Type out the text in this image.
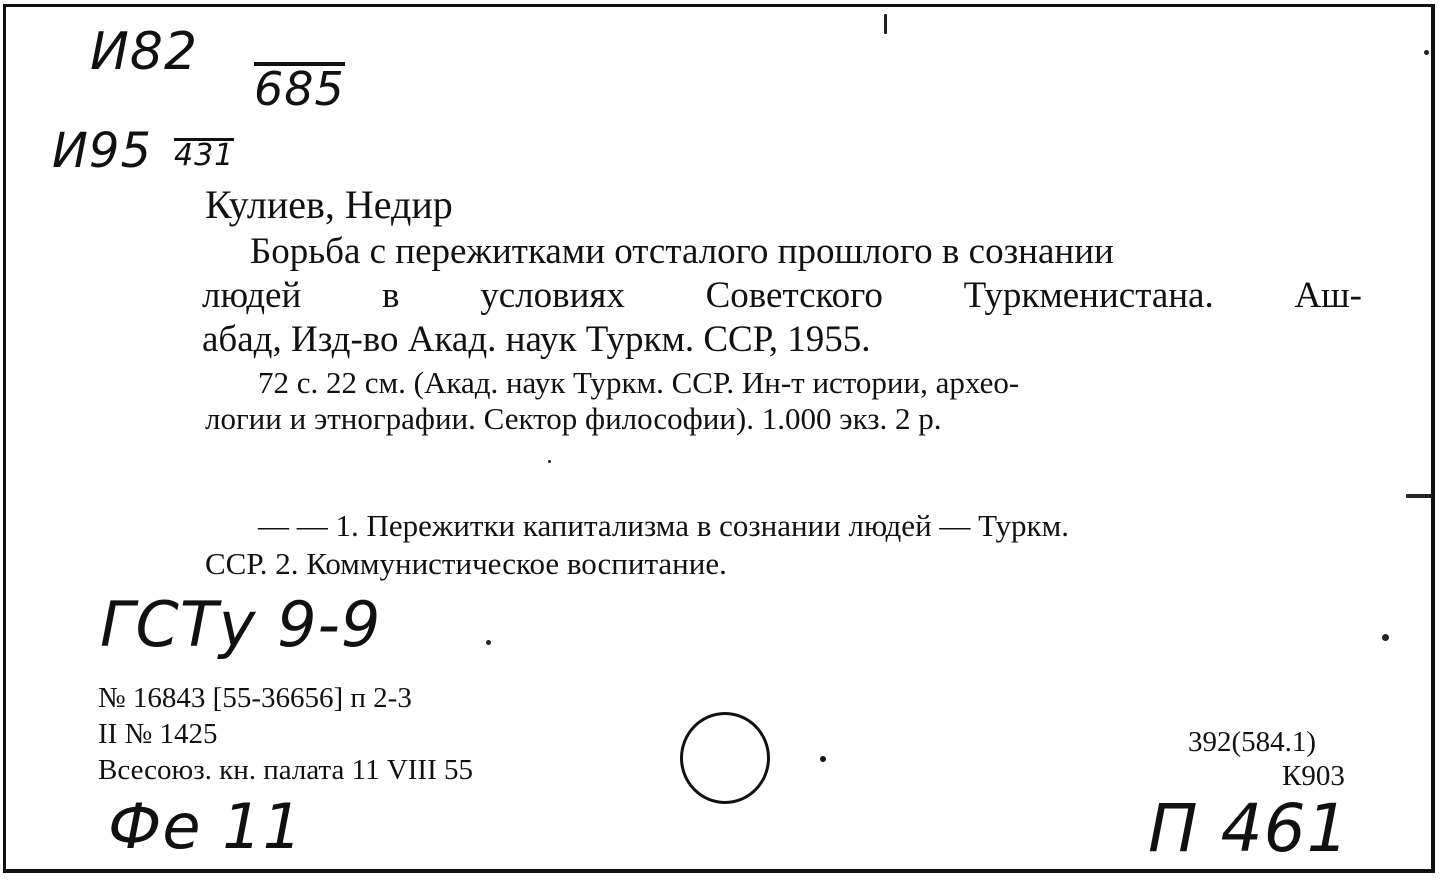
И82
685
И95 431
Кулиев, Недир
Борьба с пережитками отсталого прошлого в сознании
людей в условиях Советского Туркменистана. Аш-
абад, Изд-во Акад. наук Туркм. ССР, 1955.
72 с. 22 см. (Акад. наук Туркм. ССР. Ин-т истории, архео-
логии и этнографии. Сектор философии). 1.000 экз. 2 р.
— — 1. Пережитки капитализма в сознании людей — Туркм.
ССР. 2. Коммунистическое воспитание.
ГСТу 9-9
№ 16843 [55-36656] п 2-3
II № 1425
Всесоюз. кн. палата 11 VIII 55
392(584.1)
К903
Фе 11	П 461
